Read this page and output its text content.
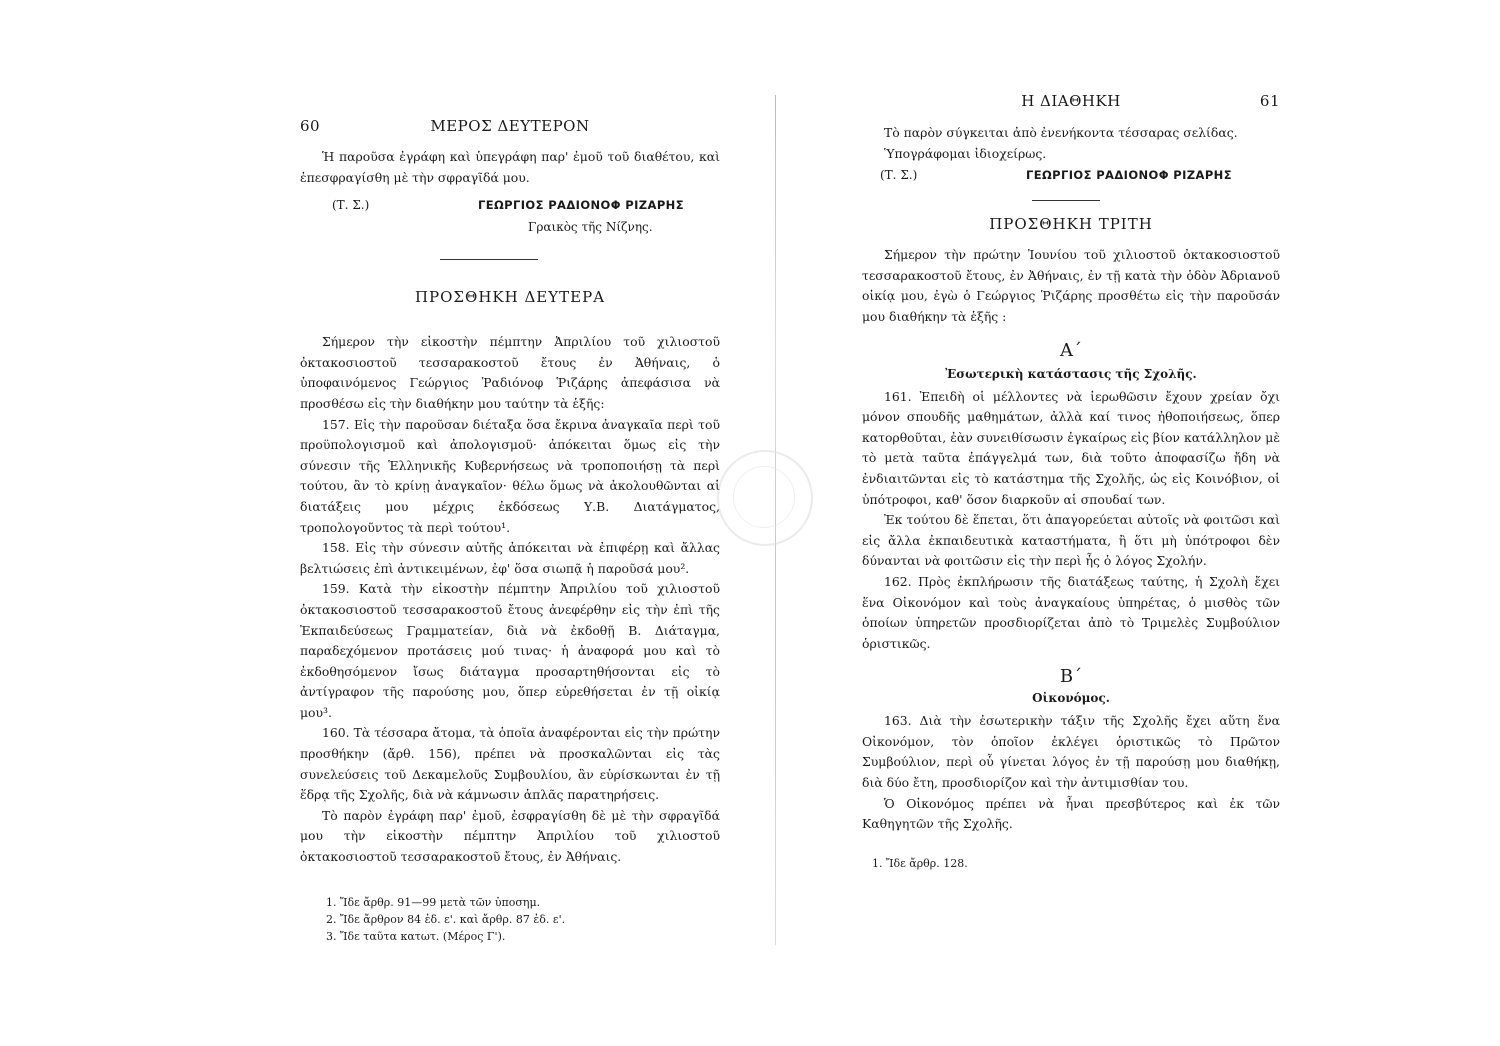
60	ΜΕΡΟΣ ΔΕΥΤΕΡΟΝ

Ἡ παροῦσα ἐγράφη καὶ ὑπεγράφη παρ' ἐμοῦ τοῦ διαθέτου, καὶ ἐπεσφραγίσθη μὲ τὴν σφραγῖδά μου.

(Τ. Σ.)	ΓΕΩΡΓΙΟΣ ΡΑΔΙΟΝΟΦ ΡΙΖΑΡΗΣ
Γραικὸς τῆς Νίζνης.
ΠΡΟΣΘΗΚΗ ΔΕΥΤΕΡΑ

Σήμερον τὴν εἰκοστὴν πέμπτην Ἀπριλίου τοῦ χιλιοστοῦ ὀκτακοσιοστοῦ τεσσαρακοστοῦ ἔτους ἐν Ἀθήναις, ὁ ὑποφαινόμενος Γεώργιος Ῥαδιόνοφ Ῥιζάρης ἀπεφάσισα νὰ προσθέσω εἰς τὴν διαθήκην μου ταύτην τὰ ἑξῆς:

157. Εἰς τὴν παροῦσαν διέταξα ὅσα ἔκρινα ἀναγκαῖα περὶ τοῦ προϋπολογισμοῦ καὶ ἀπολογισμοῦ· ἀπόκειται ὅμως εἰς τὴν σύνεσιν τῆς Ἑλληνικῆς Κυβερνήσεως νὰ τροποποιήσῃ τὰ περὶ τούτου, ἂν τὸ κρίνῃ ἀναγκαῖον· θέλω ὅμως νὰ ἀκολουθῶνται αἱ διατάξεις μου μέχρις ἐκδόσεως Υ.Β. Διατάγματος, τροπολογοῦντος τὰ περὶ τούτου¹.

158. Εἰς τὴν σύνεσιν αὐτῆς ἀπόκειται νὰ ἐπιφέρῃ καὶ ἄλλας βελτιώσεις ἐπὶ ἀντικειμένων, ἐφ' ὅσα σιωπᾷ ἡ παροῦσά μου².

159. Κατὰ τὴν εἰκοστὴν πέμπτην Ἀπριλίου τοῦ χιλιοστοῦ ὀκτακοσιοστοῦ τεσσαρακοστοῦ ἔτους ἀνεφέρθην εἰς τὴν ἐπὶ τῆς Ἐκπαιδεύσεως Γραμματείαν, διὰ νὰ ἐκδοθῇ Β. Διάταγμα, παραδεχόμενον προτάσεις μού τινας· ἡ ἀναφορά μου καὶ τὸ ἐκδοθησόμενον ἴσως διάταγμα προσαρτηθήσονται εἰς τὸ ἀντίγραφον τῆς παρούσης μου, ὅπερ εὑρεθήσεται ἐν τῇ οἰκίᾳ μου³.

160. Τὰ τέσσαρα ἄτομα, τὰ ὁποῖα ἀναφέρονται εἰς τὴν πρώτην προσθήκην (ἄρθ. 156), πρέπει νὰ προσκαλῶνται εἰς τὰς συνελεύσεις τοῦ Δεκαμελοῦς Συμβουλίου, ἂν εὑρίσκωνται ἐν τῇ ἕδρᾳ τῆς Σχολῆς, διὰ νὰ κάμνωσιν ἁπλᾶς παρατηρήσεις.

Τὸ παρὸν ἐγράφη παρ' ἐμοῦ, ἐσφραγίσθη δὲ μὲ τὴν σφραγῖδά μου τὴν εἰκοστὴν πέμπτην Ἀπριλίου τοῦ χιλιοστοῦ ὀκτακοσιοστοῦ τεσσαρακοστοῦ ἔτους, ἐν Ἀθήναις.

1. Ἴδε ἄρθρ. 91—99 μετὰ τῶν ὑποσημ.

2. Ἴδε ἄρθρον 84 ἐδ. ε'. καὶ ἄρθρ. 87 ἐδ. ε'.

3. Ἴδε ταῦτα κατωτ. (Μέρος Γ').

Η ΔΙΑΘΗΚΗ	61

Τὸ παρὸν σύγκειται ἀπὸ ἐνενήκοντα τέσσαρας σελίδας.

Ὑπογράφομαι ἰδιοχείρως.

(Τ. Σ.)	ΓΕΩΡΓΙΟΣ ΡΑΔΙΟΝΟΦ ΡΙΖΑΡΗΣ
ΠΡΟΣΘΗΚΗ ΤΡΙΤΗ

Σήμερον τὴν πρώτην Ἰουνίου τοῦ χιλιοστοῦ ὀκτακοσιοστοῦ τεσσαρακοστοῦ ἔτους, ἐν Ἀθήναις, ἐν τῇ κατὰ τὴν ὁδὸν Ἀδριανοῦ οἰκίᾳ μου, ἐγὼ ὁ Γεώργιος Ῥιζάρης προσθέτω εἰς τὴν παροῦσάν μου διαθήκην τὰ ἑξῆς :

Α΄
Ἐσωτερικὴ κατάστασις τῆς Σχολῆς.

161. Ἐπειδὴ οἱ μέλλοντες νὰ ἱερωθῶσιν ἔχουν χρείαν ὄχι μόνον σπουδῆς μαθημάτων, ἀλλὰ καί τινος ἠθοποιήσεως, ὅπερ κατορθοῦται, ἐὰν συνειθίσωσιν ἐγκαίρως εἰς βίον κατάλληλον μὲ τὸ μετὰ ταῦτα ἐπάγγελμά των, διὰ τοῦτο ἀποφασίζω ἤδη νὰ ἐνδιαιτῶνται εἰς τὸ κατάστημα τῆς Σχολῆς, ὡς εἰς Κοινόβιον, οἱ ὑπότροφοι, καθ' ὅσον διαρκοῦν αἱ σπουδαί των.

Ἐκ τούτου δὲ ἕπεται, ὅτι ἀπαγορεύεται αὐτοῖς νὰ φοιτῶσι καὶ εἰς ἄλλα ἐκπαιδευτικὰ καταστήματα, ἢ ὅτι μὴ ὑπότροφοι δὲν δύνανται νὰ φοιτῶσιν εἰς τὴν περὶ ἧς ὁ λόγος Σχολήν.

162. Πρὸς ἐκπλήρωσιν τῆς διατάξεως ταύτης, ἡ Σχολὴ ἔχει ἕνα Οἰκονόμον καὶ τοὺς ἀναγκαίους ὑπηρέτας, ὁ μισθὸς τῶν ὁποίων ὑπηρετῶν προσδιορίζεται ἀπὸ τὸ Τριμελὲς Συμβούλιον ὁριστικῶς.

Β΄
Οἰκονόμος.

163. Διὰ τὴν ἐσωτερικὴν τάξιν τῆς Σχολῆς ἔχει αὕτη ἕνα Οἰκονόμον, τὸν ὁποῖον ἐκλέγει ὁριστικῶς τὸ Πρῶτον Συμβούλιον, περὶ οὗ γίνεται λόγος ἐν τῇ παρούσῃ μου διαθήκῃ, διὰ δύο ἔτη, προσδιορίζον καὶ τὴν ἀντιμισθίαν του.

Ὁ Οἰκονόμος πρέπει νὰ ἦναι πρεσβύτερος καὶ ἐκ τῶν Καθηγητῶν τῆς Σχολῆς.

1. Ἴδε ἄρθρ. 128.
